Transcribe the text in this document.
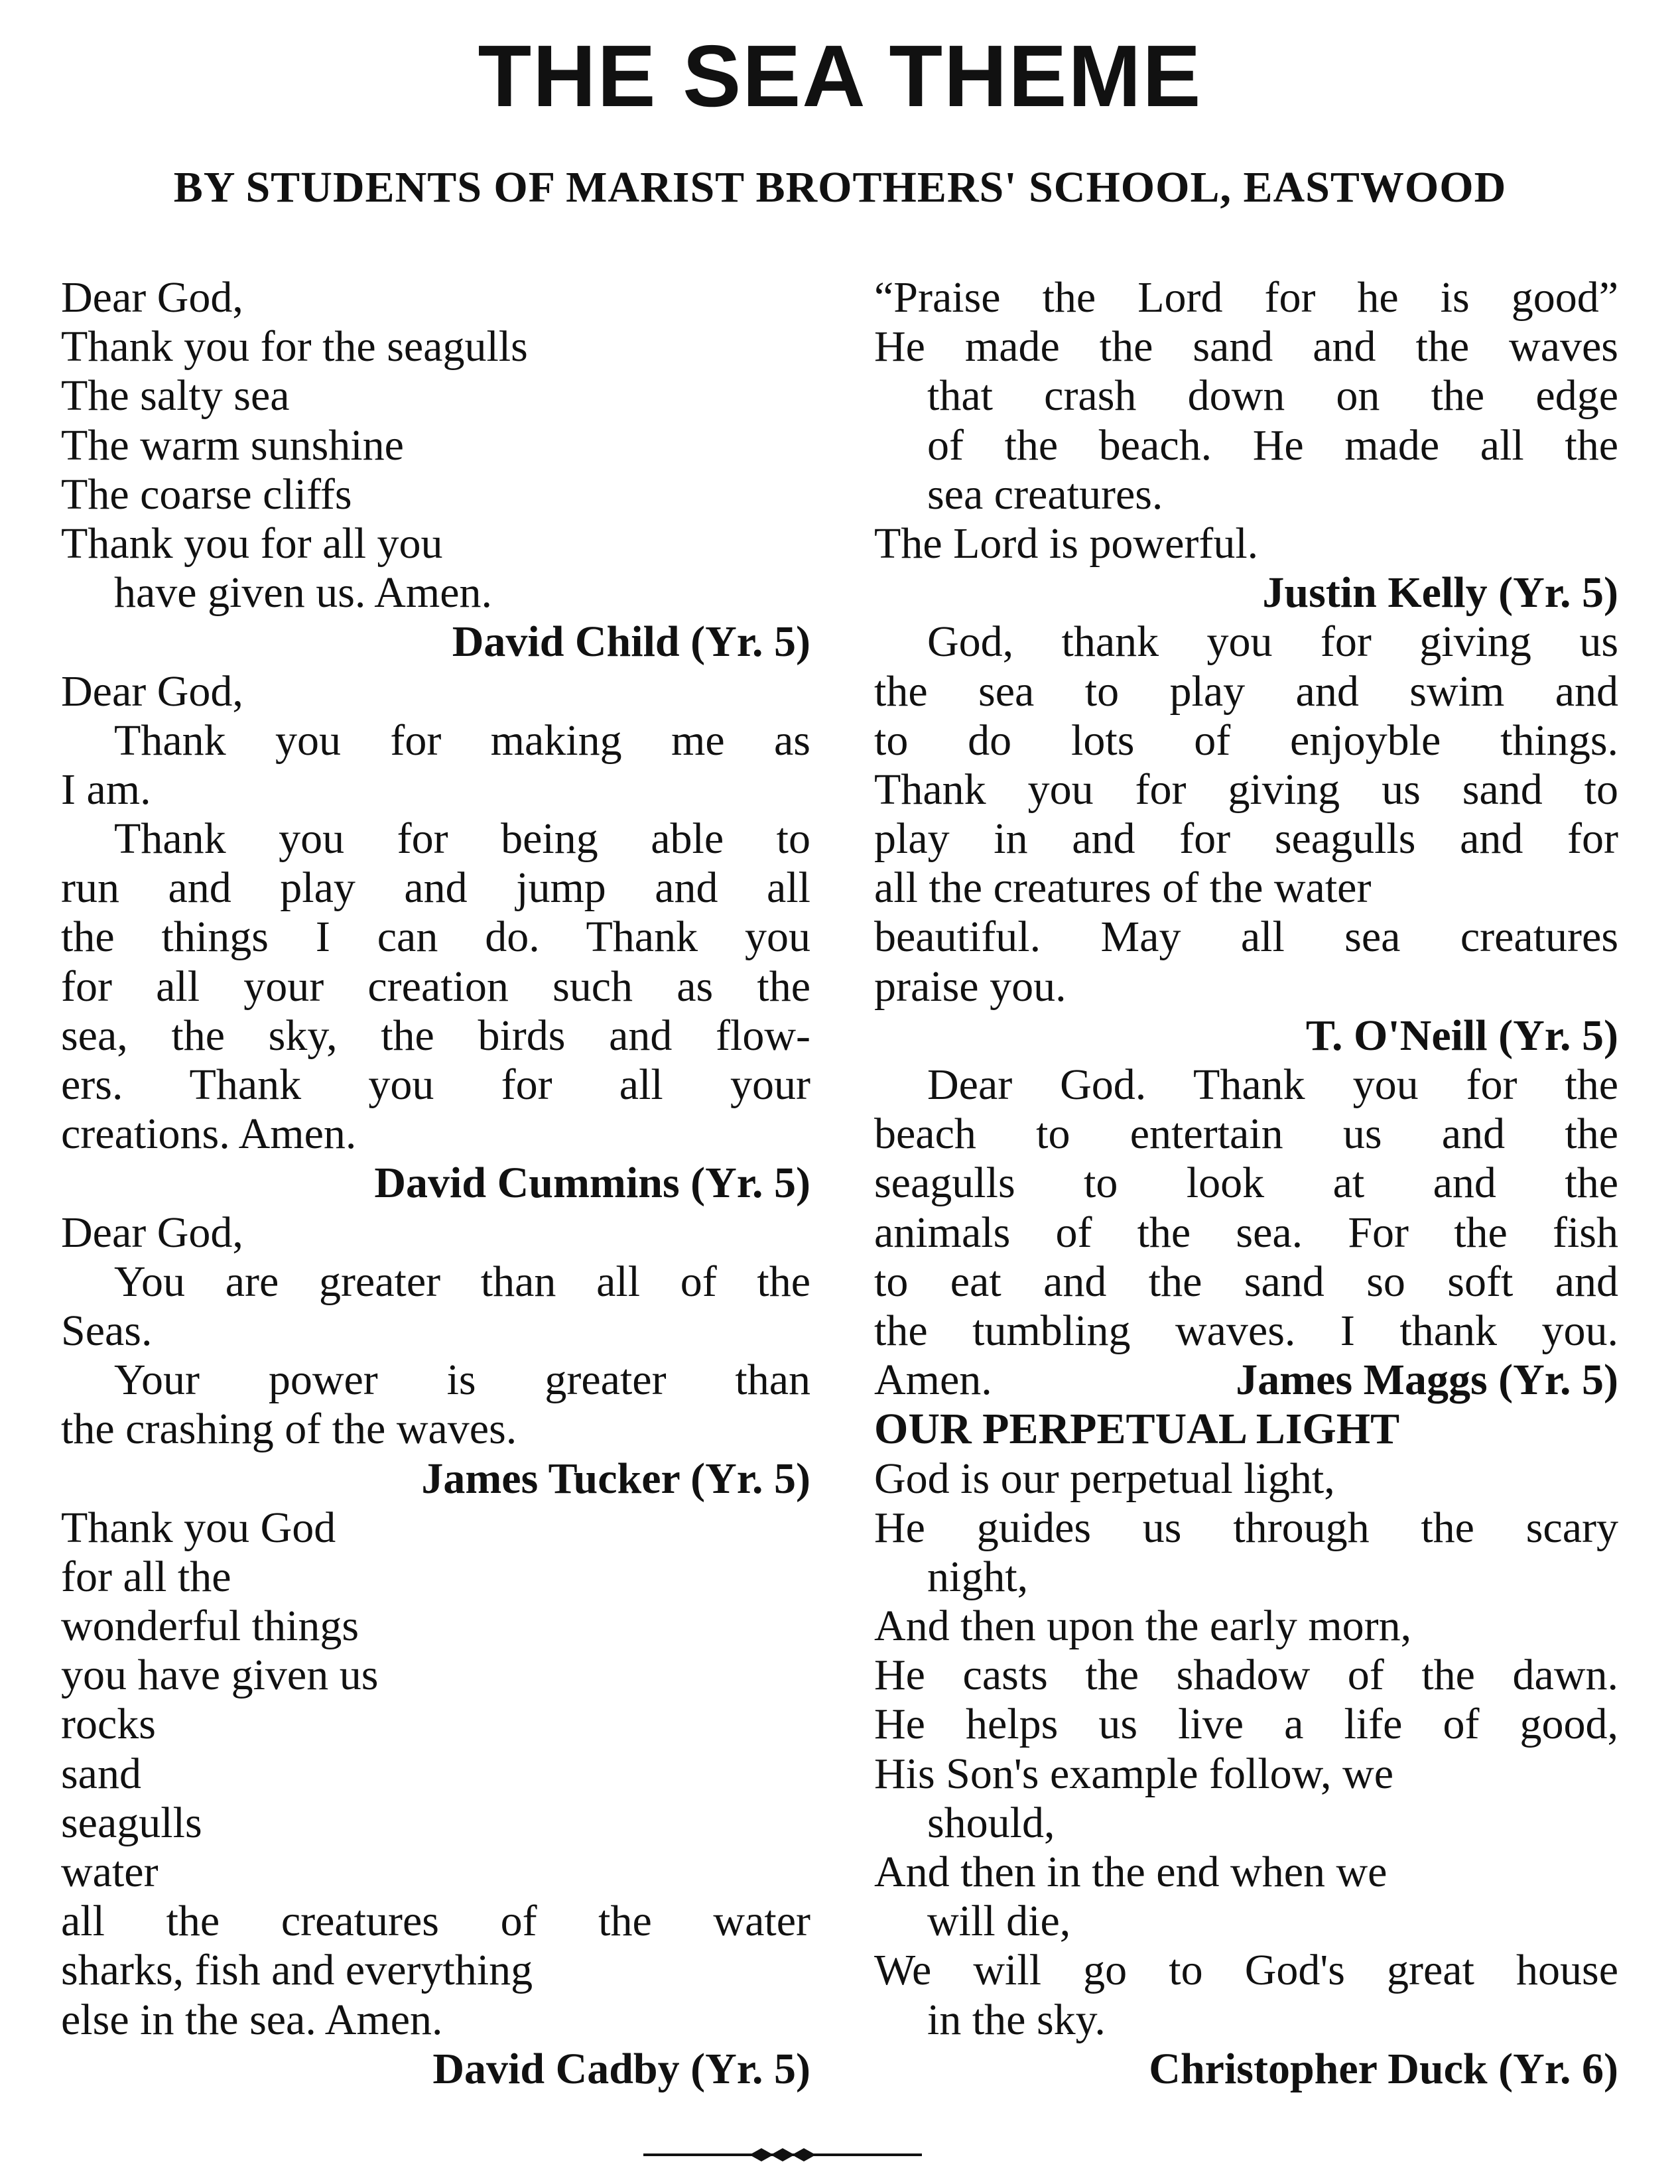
THE SEA THEME
BY STUDENTS OF MARIST BROTHERS' SCHOOL, EASTWOOD
Dear God,
Thank you for the seagulls
The salty sea
The warm sunshine
The coarse cliffs
Thank you for all you
have given us. Amen.
David Child (Yr. 5)
Dear God,
Thank you for making me as
I am.
Thank you for being able to
run and play and jump and all
the things I can do. Thank you
for all your creation such as the
sea, the sky, the birds and flow-
ers. Thank you for all your
creations. Amen.
David Cummins (Yr. 5)
Dear God,
You are greater than all of the
Seas.
Your power is greater than
the crashing of the waves.
James Tucker (Yr. 5)
Thank you God
for all the
wonderful things
you have given us
rocks
sand
seagulls
water
all the creatures of the water
sharks, fish and everything
else in the sea. Amen.
David Cadby (Yr. 5)
“Praise the Lord for he is good”
He made the sand and the waves
that crash down on the edge
of the beach. He made all the
sea creatures.
The Lord is powerful.
Justin Kelly (Yr. 5)
God, thank you for giving us
the sea to play and swim and
to do lots of enjoyble things.
Thank you for giving us sand to
play in and for seagulls and for
all the creatures of the water
beautiful. May all sea creatures
praise you.
T. O'Neill (Yr. 5)
Dear God. Thank you for the
beach to entertain us and the
seagulls to look at and the
animals of the sea. For the fish
to eat and the sand so soft and
the tumbling waves. I thank you.
Amen.	James Maggs (Yr. 5)
OUR PERPETUAL LIGHT
God is our perpetual light,
He guides us through the scary
night,
And then upon the early morn,
He casts the shadow of the dawn.
He helps us live a life of good,
His Son's example follow, we
should,
And then in the end when we
will die,
We will go to God's great house
in the sky.
Christopher Duck (Yr. 6)
